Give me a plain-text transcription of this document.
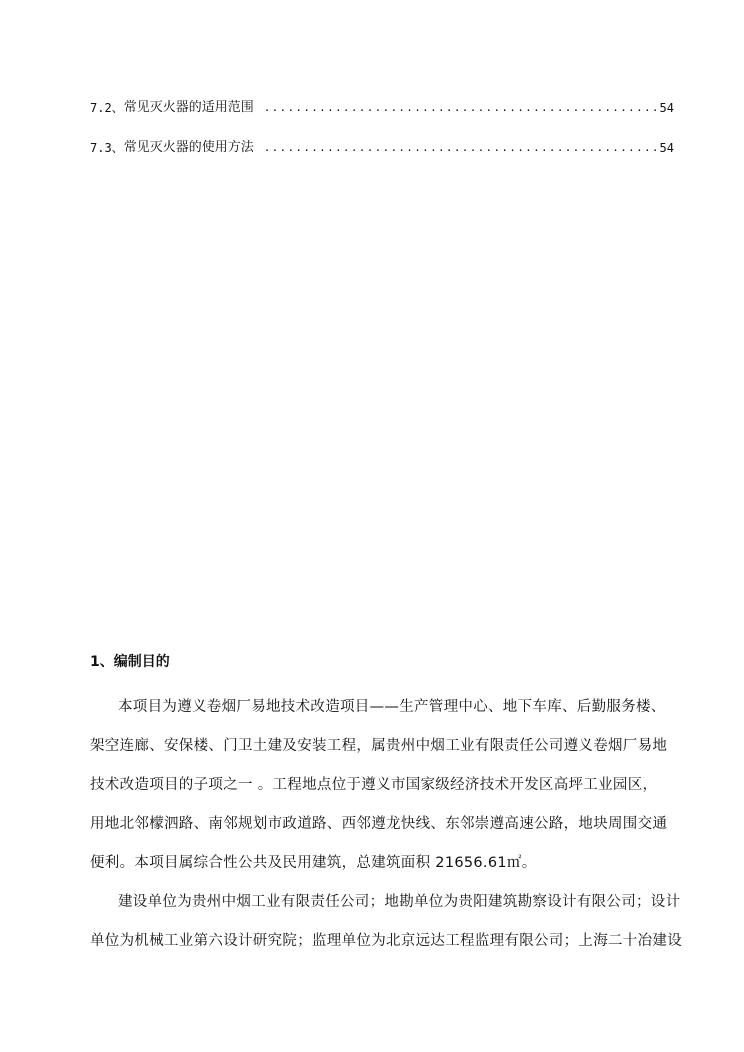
7.2、 常见灭火器的适用范围 .....	54
7.3、 常见灭火器的使用方法 .....	54
1、编制目的
本项目为遵义卷烟厂易地技术改造项目——生产管理中心、地下车库、后勤服务楼、
架空连廊、安保楼、门卫土建及安装工程，属贵州中烟工业有限责任公司遵义卷烟厂易地
技术改造项目的子项之一 。工程地点位于遵义市国家级经济技术开发区高坪工业园区，
用地北邻檬泗路、南邻规划市政道路、西邻遵龙快线、东邻崇遵高速公路，地块周围交通
便利。本项目属综合性公共及民用建筑，总建筑面积 21656.61㎡。
建设单位为贵州中烟工业有限责任公司；地勘单位为贵阳建筑勘察设计有限公司；设计
单位为机械工业第六设计研究院；监理单位为北京远达工程监理有限公司；上海二十冶建设
